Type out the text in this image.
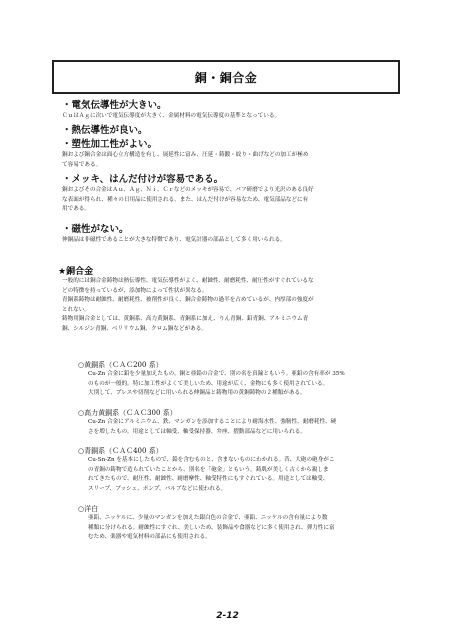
銅・銅合金

・電気伝導性が大きい。

ＣｕはＡｇに次いで電気伝導度が大きく、金属材料の電気伝導度の基準となっている。

・熱伝導性が良い。

・塑性加工性がよい。

銅および銅合金は面心立方構造を有し、展延性に富み、圧延・鋳鍛・絞り・曲げなどの加工が極め

て容易である。

・メッキ、はんだ付けが容易である。

銅およびその合金はＡｕ、Ａｇ、Ｎｉ、Ｃｒなどのメッキが容易で、バフ研磨でより光沢のある良好

な表面が得られ、種々の日用品に使用される。また、はんだ付けが容易なため、電気部品などに有

用である。

・磁性がない。

伸銅品は非磁性であることが大きな特徴であり、電気計器の部品として多く用いられる。

★銅合金

一般的には銅合金鋳物は熱伝導性、電気伝導性がよく、耐蝕性、耐磨耗性、耐圧性がすぐれているな

どの特徴を持っているが、添加物によって性状が異なる。

青銅系鋳物は耐蝕性、耐磨耗性、被削性が良く、銅合金鋳物の過半を占めているが、内厚部の強度が

とれない。

鋳物用銅合金としては、黄銅系、高力黄銅系、青銅系に加え、りん青銅、鉛青銅、アルミニウム青

銅、シルジン青銅、ベリリウム銅、クロム銅などがある。

○黄銅系（ＣＡＣ200 系）

Cu-Zn 合金に鉛を少量加えたもの。銅と亜鉛の合金で、別の名を真鍮ともいう。亜鉛の含有率が 35%

のものが一般的。特に加工性がよくて美しいため、用途が広く、金物にも多く使用されている。

大別して、プレスや切削などに用いられる伸銅品と鋳物用の黄銅鋳物の２種類がある。

○高力黄銅系（ＣＡＣ300 系）

Cu-Zn 合金にアルミニウム、鉄、マンガンを添加することにより耐海水性、強靭性、耐磨耗性、硬

さを増したもの。用途としては軸受、軸受保持器、弁座、摺動部品などに用いられる。

○青銅系（ＣＡＣ400 系）

Cu-Sn-Zn を基本にしたもので、鉛を含むものと、含まないものにわかれる。昔、大砲の砲身がこ

の青銅の鋳物で造られていたことから、別名を「砲金」ともいう。鋳肌が美しく古くから親しま

れてきたもので、耐圧性、耐蝕性、耐磨摩性、軸受特性にもすぐれている。用途としては軸受、

スリーブ、ブッシュ、ポンプ、バルブなどに使われる。

○洋白

亜鉛、ニッケルに、少量のマンガンを加えた銀白色の合金で、亜鉛、ニッケルの含有量により数

種類に分けられる。耐蝕性にすぐれ、美しいため、装飾品や食器などに多く使用され、弾力性に富

むため、楽器や電気材料の部品にも使用される。

2-12
